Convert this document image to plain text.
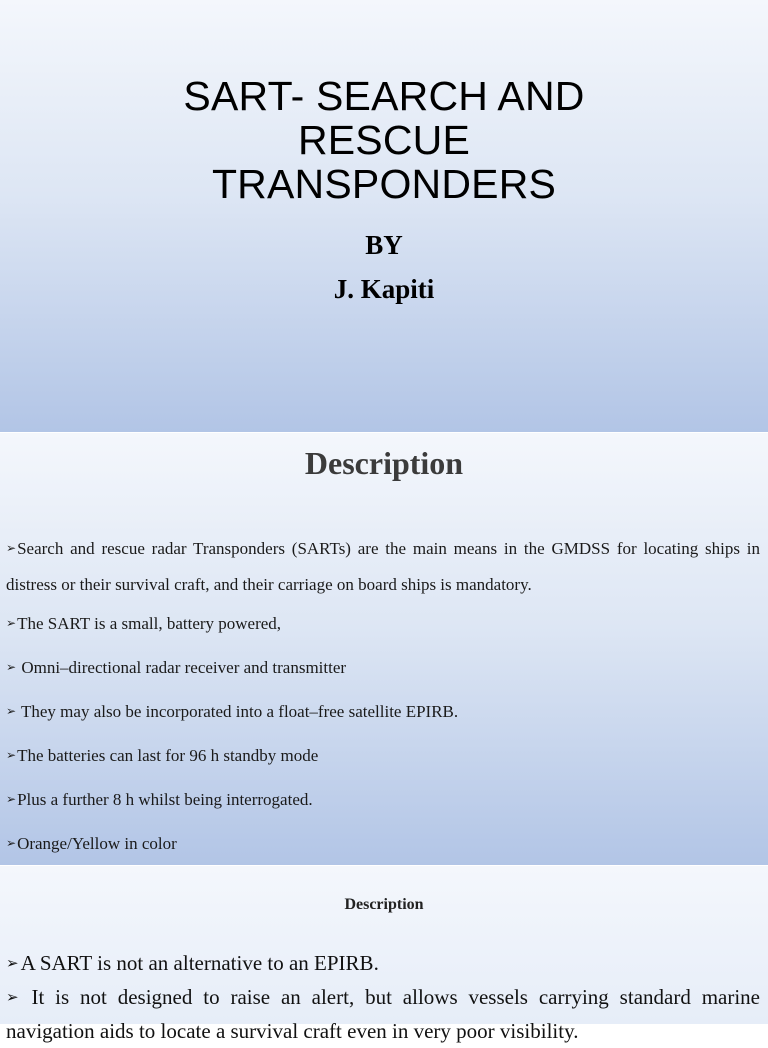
SART- SEARCH AND
RESCUE
TRANSPONDERS
BY
J. Kapiti
Description
➢Search and rescue radar Transponders (SARTs) are the main means in the GMDSS for locating ships in distress or their survival craft, and their carriage on board ships is mandatory.
➢The SART is a small, battery powered,
➢ Omni–directional radar receiver and transmitter
➢ They may also be incorporated into a float–free satellite EPIRB.
➢The batteries can last for 96 h standby mode
➢Plus a further 8 h whilst being interrogated.
➢Orange/Yellow in color
Description
➢A SART is not an alternative to an EPIRB.
➢ It is not designed to raise an alert, but allows vessels carrying standard marine navigation aids to locate a survival craft even in very poor visibility.
